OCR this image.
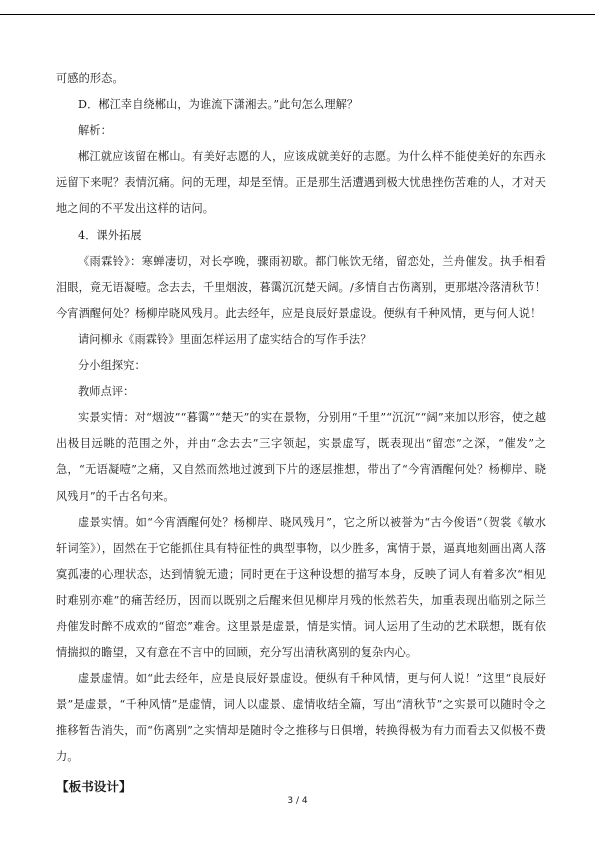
可感的形态。

D．郴江幸自绕郴山，为谁流下潇湘去。”此句怎么理解？

解析：

郴江就应该留在郴山。有美好志愿的人，应该成就美好的志愿。为什么样不能使美好的东西永远留下来呢？表情沉痛。问的无理，却是至情。正是那生活遭遇到极大忧患挫伤苦难的人，才对天地之间的不平发出这样的诘问。

4．课外拓展

《雨霖铃》：寒蝉凄切，对长亭晚，骤雨初歇。都门帐饮无绪，留恋处，兰舟催发。执手相看泪眼，竟无语凝噎。念去去，千里烟波，暮霭沉沉楚天阔。/多情自古伤离别，更那堪冷落清秋节！今宵酒醒何处？杨柳岸晓风残月。此去经年，应是良辰好景虚设。便纵有千种风情，更与何人说！

请问柳永《雨霖铃》里面怎样运用了虚实结合的写作手法？

分小组探究：

教师点评：

实景实情：对“烟波”“暮霭”“楚天”的实在景物，分别用“千里”“沉沉”“阔”来加以形容，使之越出极目远眺的范围之外，并由“念去去”三字领起，实景虚写，既表现出“留恋”之深，“催发”之急，“无语凝噎”之痛，又自然而然地过渡到下片的逐层推想，带出了“今宵酒醒何处？杨柳岸、晓风残月”的千古名句来。

虚景实情。如“今宵酒醒何处？杨柳岸、晓风残月”，它之所以被誉为“古今俊语”（贺裳《敏水轩词筌》），固然在于它能抓住具有特征性的典型事物，以少胜多，寓情于景，逼真地刻画出离人落寞孤凄的心理状态，达到情貌无遗；同时更在于这种设想的描写本身，反映了词人有着多次“相见时难别亦难”的痛苦经历，因而以既别之后醒来但见柳岸月残的怅然若失，加重表现出临别之际兰舟催发时醉不成欢的“留恋”难舍。这里景是虚景，情是实情。词人运用了生动的艺术联想，既有依情揣拟的瞻望，又有意在不言中的回顾，充分写出清秋离别的复杂内心。

虚景虚情。如“此去经年，应是良辰好景虚设。便纵有千种风情，更与何人说！”这里“良辰好景”是虚景，“千种风情”是虚情，词人以虚景、虚情收结全篇，写出“清秋节”之实景可以随时令之推移暂告消失，而“伤离别”之实情却是随时令之推移与日俱增，转换得极为有力而看去又似极不费力。

【板书设计】
3 / 4
